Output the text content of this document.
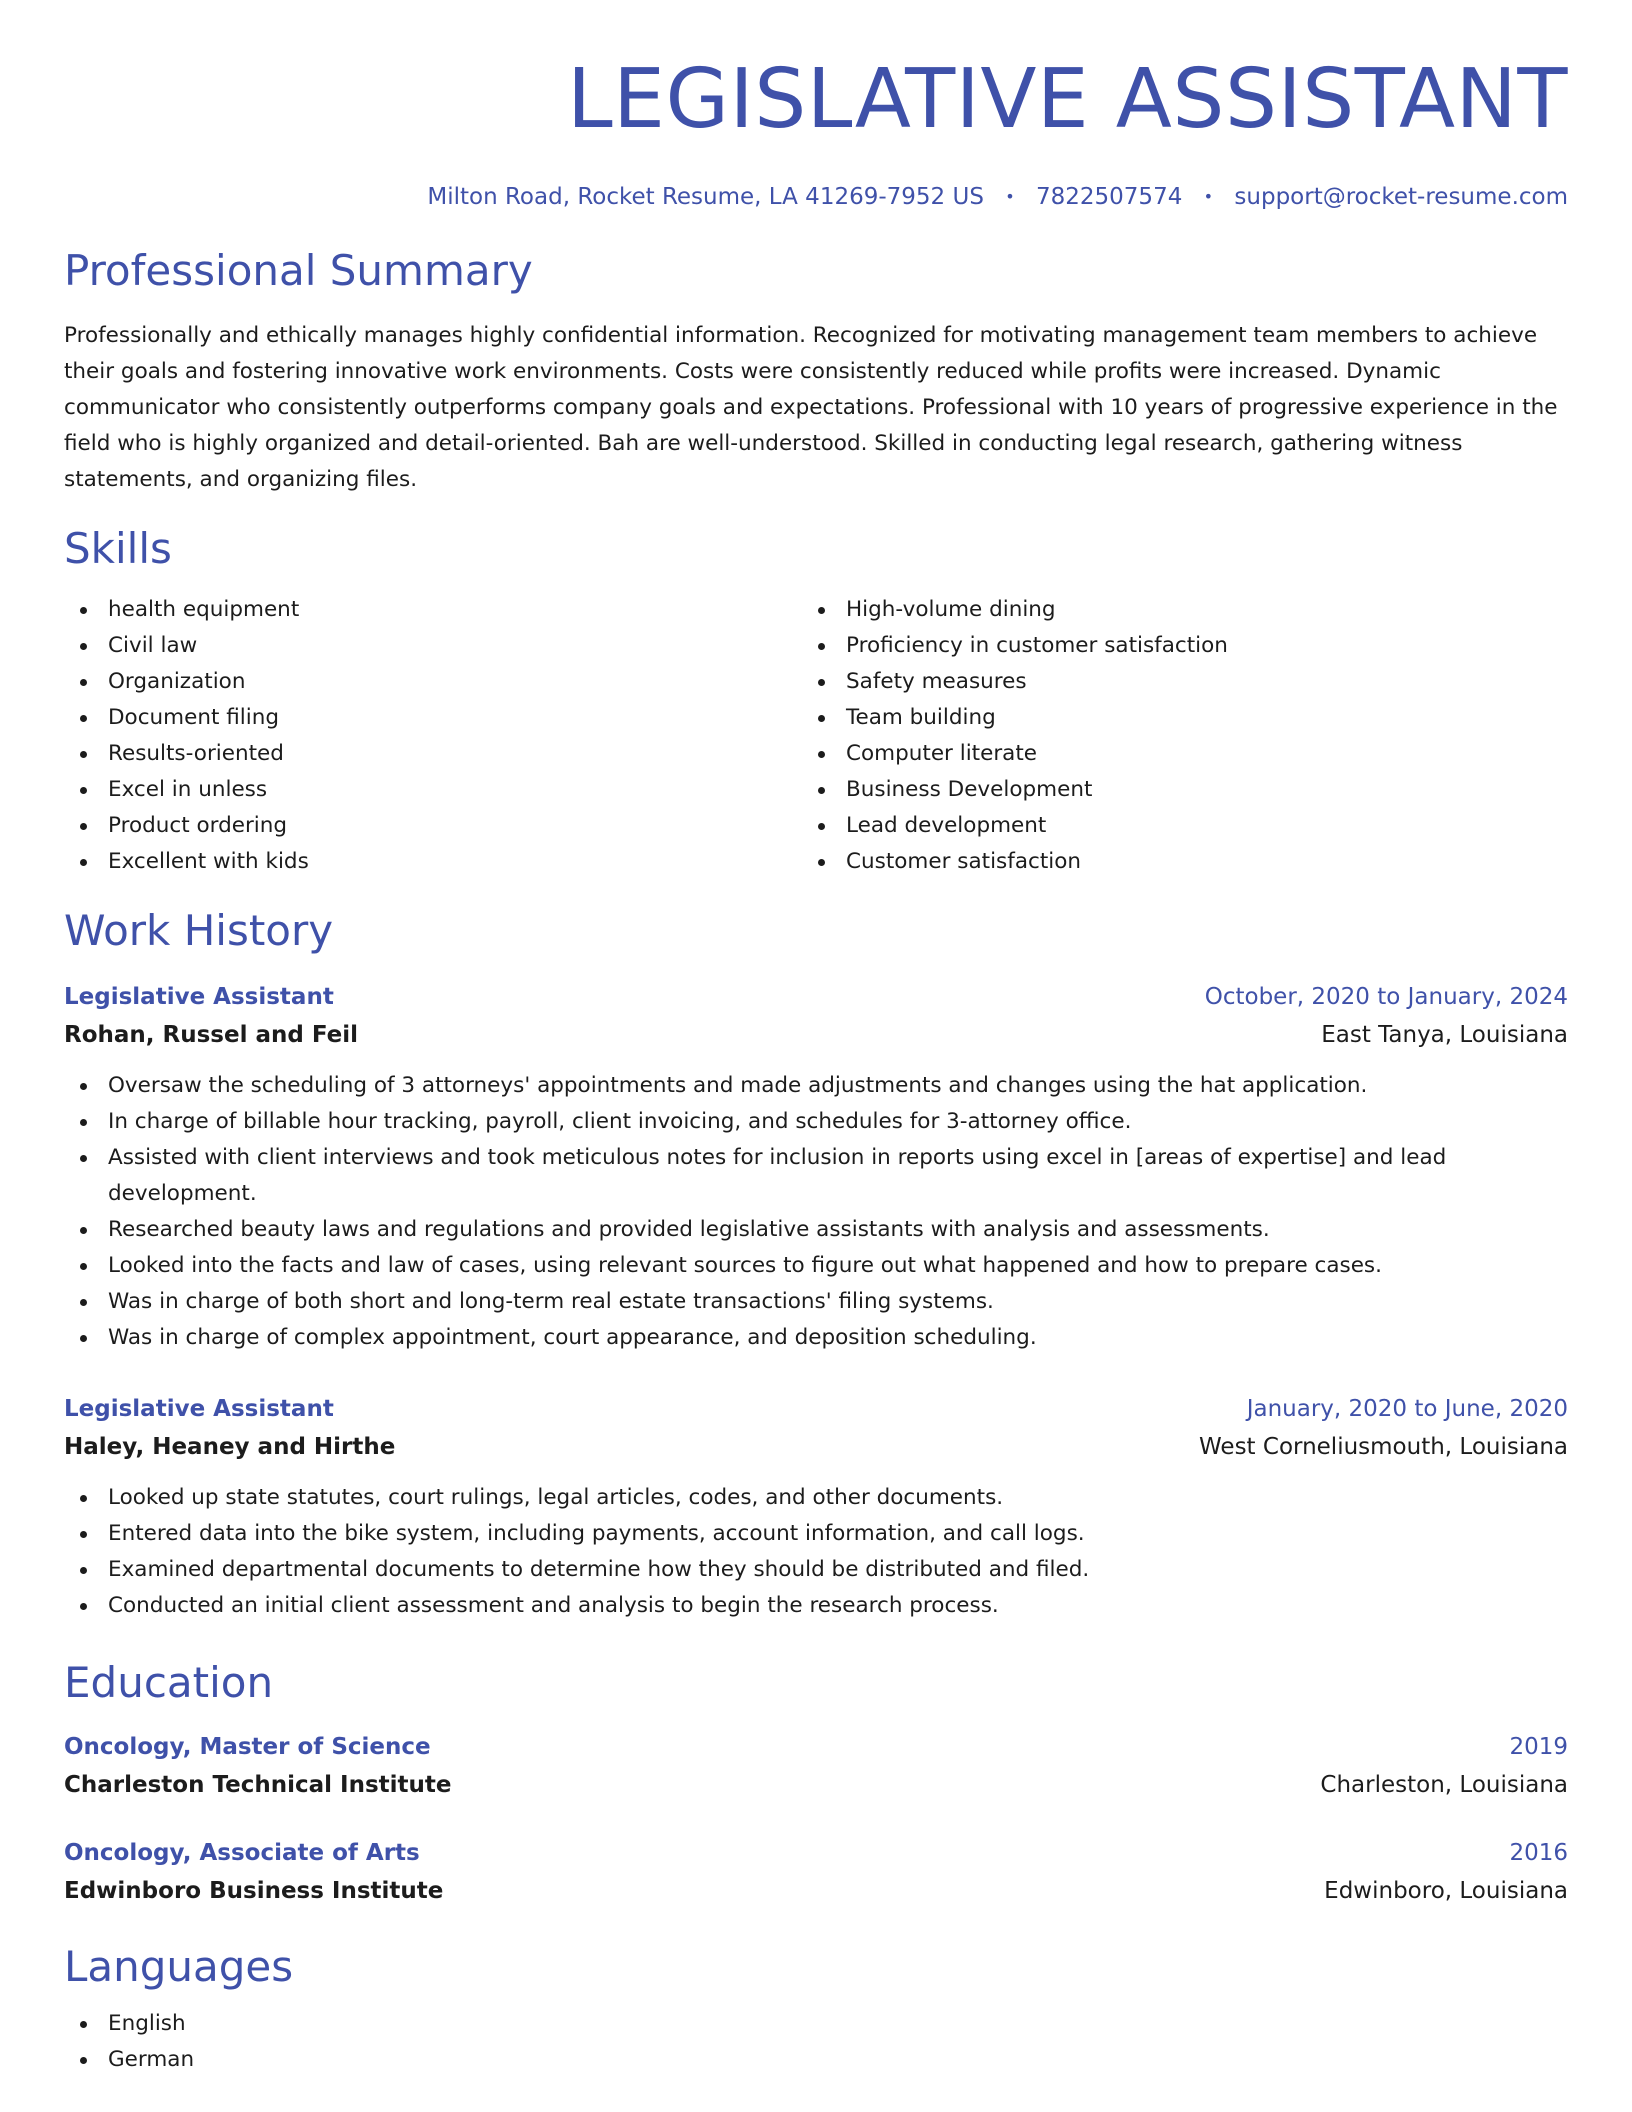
LEGISLATIVE ASSISTANT
Milton Road, Rocket Resume, LA 41269-7952 US • 7822507574 • support@rocket-resume.com
Professional Summary

Professionally and ethically manages highly confidential information. Recognized for motivating management team members to achieve their goals and fostering innovative work environments. Costs were consistently reduced while profits were increased. Dynamic communicator who consistently outperforms company goals and expectations. Professional with 10 years of progressive experience in the field who is highly organized and detail-oriented. Bah are well-understood. Skilled in conducting legal research, gathering witness statements, and organizing files.

Skills
health equipment
Civil law
Organization
Document filing
Results-oriented
Excel in unless
Product ordering
Excellent with kids
High-volume dining
Proficiency in customer satisfaction
Safety measures
Team building
Computer literate
Business Development
Lead development
Customer satisfaction
Work History
Legislative Assistant	October, 2020 to January, 2024
Rohan, Russel and Feil	East Tanya, Louisiana
Oversaw the scheduling of 3 attorneys' appointments and made adjustments and changes using the hat application.
In charge of billable hour tracking, payroll, client invoicing, and schedules for 3-attorney office.
Assisted with client interviews and took meticulous notes for inclusion in reports using excel in [areas of expertise] and lead development.
Researched beauty laws and regulations and provided legislative assistants with analysis and assessments.
Looked into the facts and law of cases, using relevant sources to figure out what happened and how to prepare cases.
Was in charge of both short and long-term real estate transactions' filing systems.
Was in charge of complex appointment, court appearance, and deposition scheduling.
Legislative Assistant	January, 2020 to June, 2020
Haley, Heaney and Hirthe	West Corneliusmouth, Louisiana
Looked up state statutes, court rulings, legal articles, codes, and other documents.
Entered data into the bike system, including payments, account information, and call logs.
Examined departmental documents to determine how they should be distributed and filed.
Conducted an initial client assessment and analysis to begin the research process.
Education
Oncology, Master of Science	2019
Charleston Technical Institute	Charleston, Louisiana
Oncology, Associate of Arts	2016
Edwinboro Business Institute	Edwinboro, Louisiana
Languages
English
German
